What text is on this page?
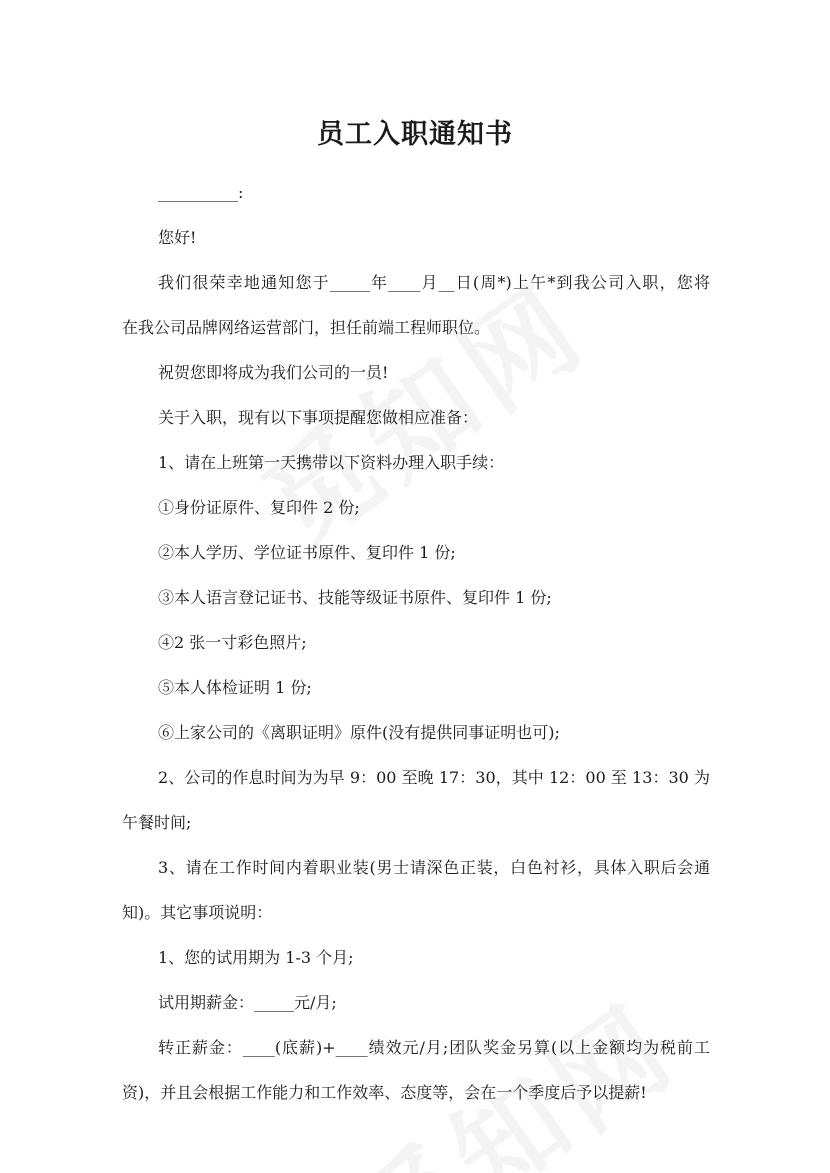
员工入职通知书
__________:
您好!
我们很荣幸地通知您于_____年____月__日(周*)上午*到我公司入职，您将
在我公司品牌网络运营部门，担任前端工程师职位。
祝贺您即将成为我们公司的一员!
关于入职，现有以下事项提醒您做相应准备：
1、请在上班第一天携带以下资料办理入职手续：
①身份证原件、复印件 2 份;
②本人学历、学位证书原件、复印件 1 份;
③本人语言登记证书、技能等级证书原件、复印件 1 份;
④2 张一寸彩色照片;
⑤本人体检证明 1 份;
⑥上家公司的《离职证明》原件(没有提供同事证明也可);
2、公司的作息时间为为早 9：00 至晚 17：30，其中 12：00 至 13：30 为
午餐时间;
3、请在工作时间内着职业装(男士请深色正装，白色衬衫，具体入职后会通
知)。其它事项说明：
1、您的试用期为 1-3 个月;
试用期薪金：_____元/月;
转正薪金：____(底薪)+____绩效元/月;团队奖金另算(以上金额均为税前工
资)，并且会根据工作能力和工作效率、态度等，会在一个季度后予以提薪!
